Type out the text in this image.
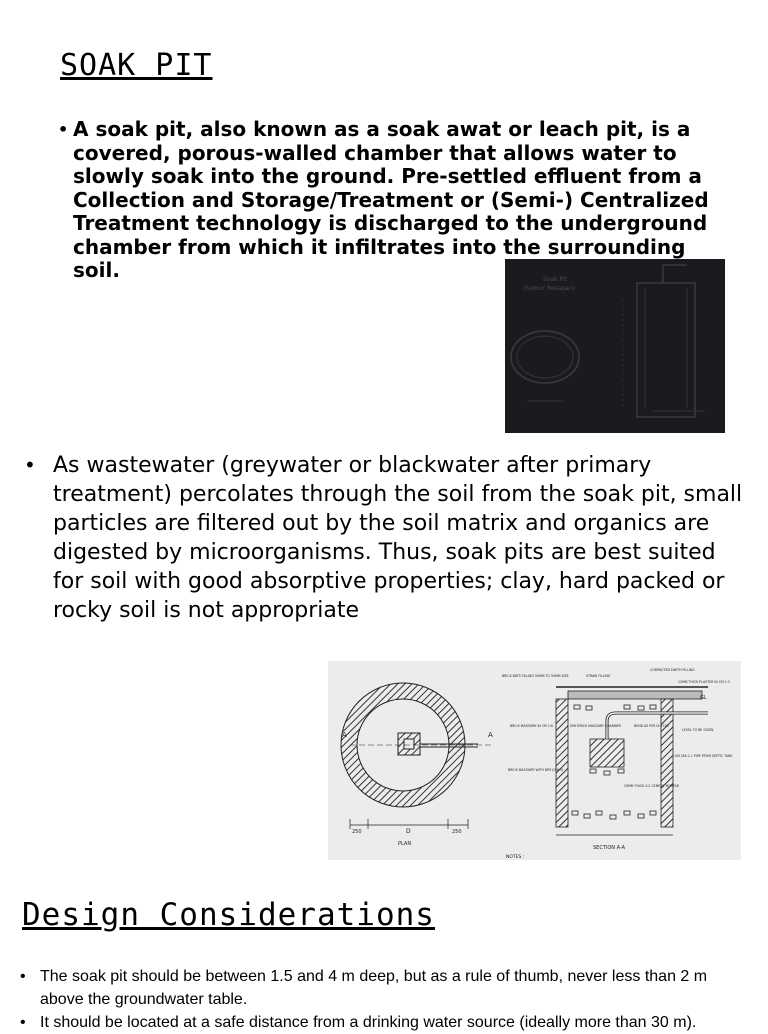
SOAK PIT
• A soak pit, also known as a soak awat or leach pit, is a covered, porous-walled chamber that allows water to slowly soak into the ground. Pre-settled effluent from a Collection and Storage/Treatment or (Semi-) Centralized Treatment technology is discharged to the underground chamber from which it infiltrates into the surrounding soil.	Soak Pit
(Sumur Resapan)
• As wastewater (greywater or blackwater after primary treatment) percolates through the soil from the soak pit, small particles are filtered out by the soil matrix and organics are digested by microorganisms. Thus, soak pits are best suited for soil with good absorptive properties; clay, hard packed or rocky soil is not appropriate
A	A
250	D	250
PLAN
SECTION A-A
NOTES :
BRICK BATS FILLING 50MM TO 50MM SIZE	STRAW FILLING
COMPACTED EARTH FILLING
12MM THICK PLASTER IN CM 1:3
GL
BRICK MASONRY IN CM 1:6	DRY BRICK MASONRY CHAMBER	BEND AS PER IS:1729
LEVEL TO BE GIVEN
100 DIA C.I. PIPE FROM SEPTIC TANK
BRICK MASONRY WITH DRY JOINTS
20MM THICK 1:2 CEMENT MORTAR
Design Considerations
• The soak pit should be between 1.5 and 4 m deep, but as a rule of thumb, never less than 2 m above the groundwater table.
• It should be located at a safe distance from a drinking water source (ideally more than 30 m).
